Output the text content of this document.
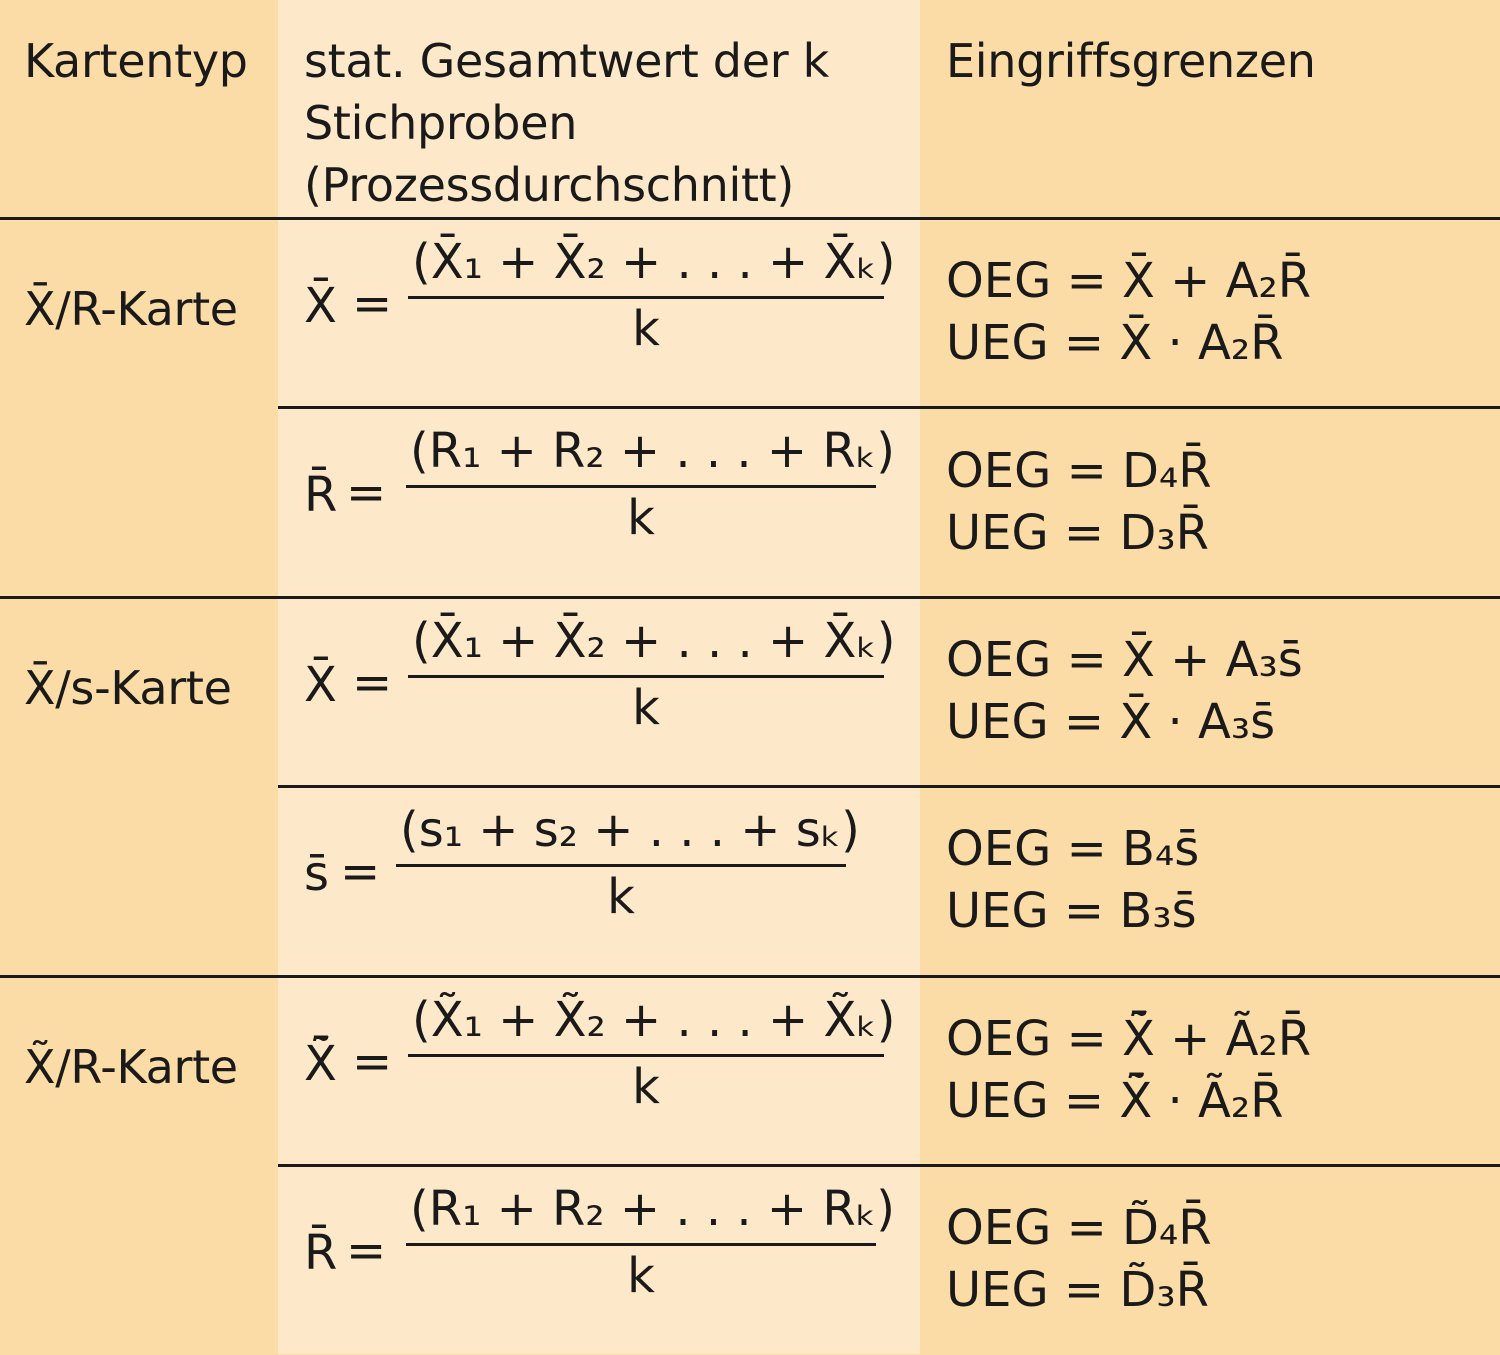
Kartentyp stat. Gesamtwert der k
Stichproben
(Prozessdurchschnitt)
Eingriffsgrenzen
X̄/R-Karte
X̄/s-Karte
X̃/R-Karte
X̄̄ =
(X̄₁ + X̄₂ + . . . + X̄ₖ)
k
OEG = X̄̄ + A₂R̄
UEG = X̄̄ · A₂R̄
R̄ =
(R₁ + R₂ + . . . + Rₖ)
k
OEG = D₄R̄
UEG = D₃R̄
X̄̄ =
(X̄₁ + X̄₂ + . . . + X̄ₖ)
k
OEG = X̄̄ + A₃s̄
UEG = X̄̄ · A₃s̄
s̄ =
(s₁ + s₂ + . . . + sₖ)
k
OEG = B₄s̄
UEG = B₃s̄
X̃̄ =
(X̃₁ + X̃₂ + . . . + X̃ₖ)
k
OEG = X̃̄ + Ã₂R̄
UEG = X̃̄ · Ã₂R̄
R̄ =
(R₁ + R₂ + . . . + Rₖ)
k
OEG = D̃₄R̄
UEG = D̃₃R̄
